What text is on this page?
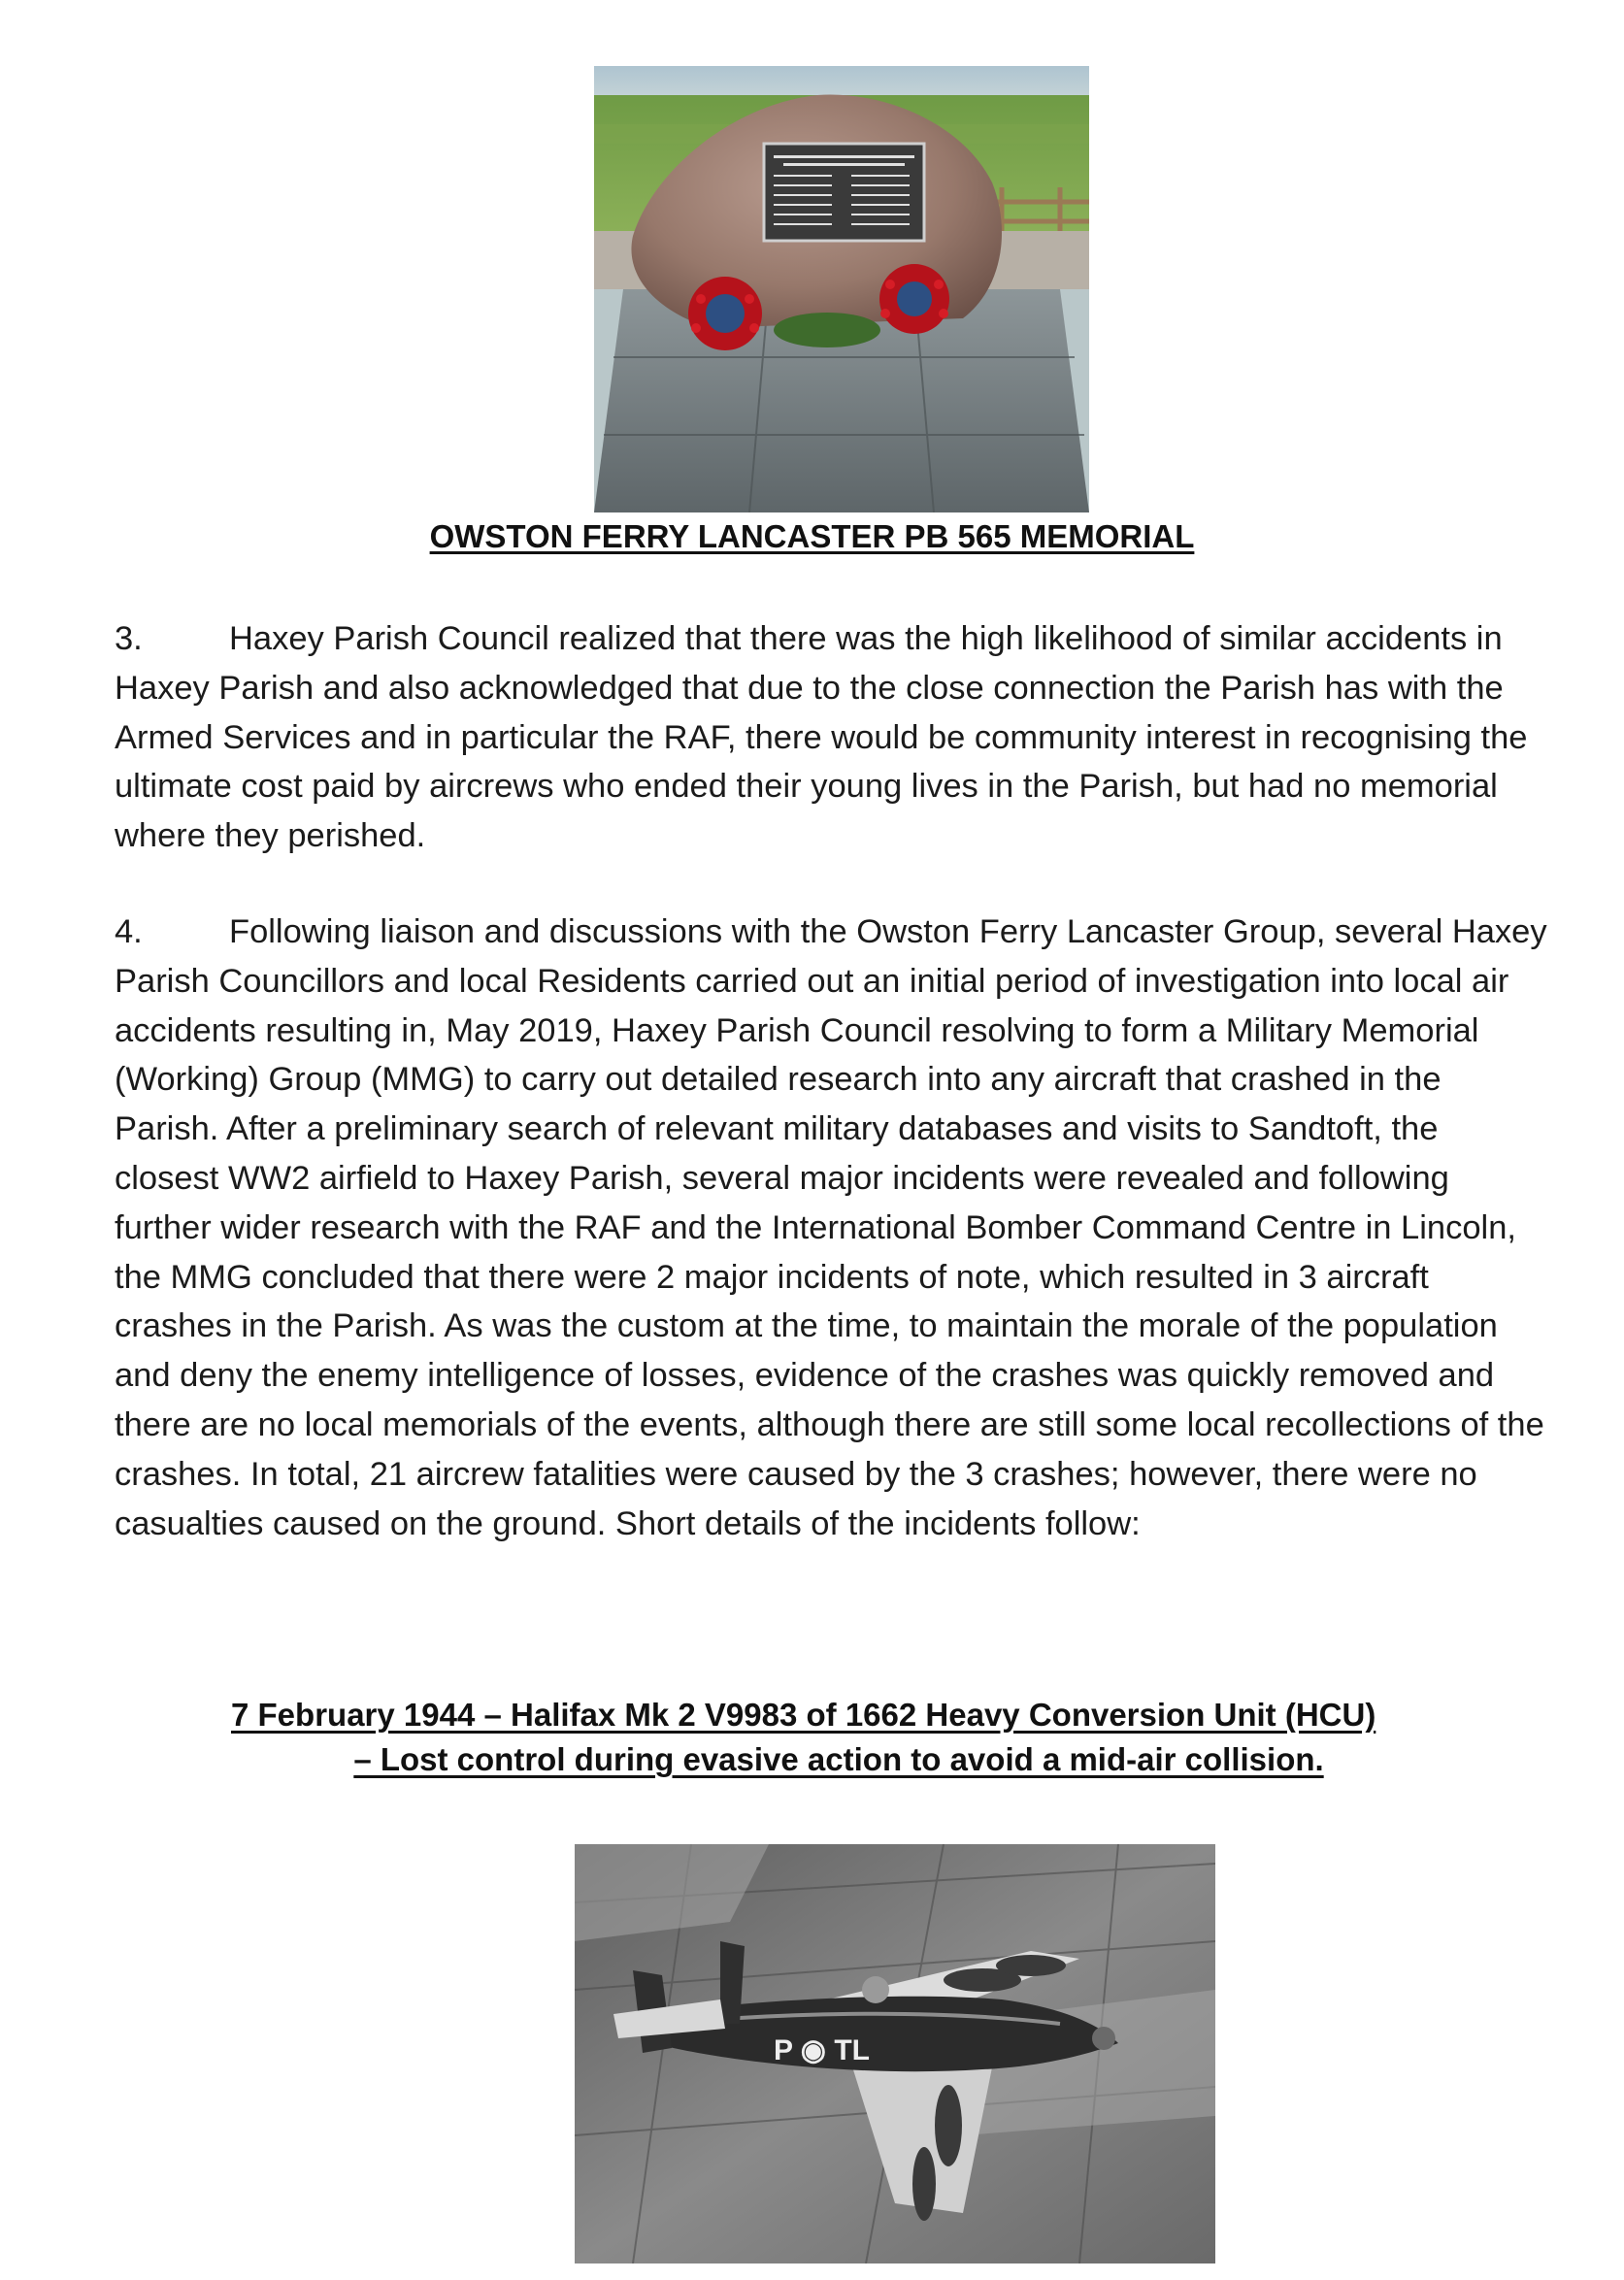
OWSTON FERRY LANCASTER PB 565 MEMORIAL

3.	Haxey Parish Council realized that there was the high likelihood of similar accidents in Haxey Parish and also acknowledged that due to the close connection the Parish has with the Armed Services and in particular the RAF, there would be community interest in recognising the ultimate cost paid by aircrews who ended their young lives in the Parish, but had no memorial where they perished.

4.	Following liaison and discussions with the Owston Ferry Lancaster Group, several Haxey Parish Councillors and local Residents carried out an initial period of investigation into local air accidents resulting in, May 2019, Haxey Parish Council resolving to form a Military Memorial (Working) Group (MMG) to carry out detailed research into any aircraft that crashed in the Parish. After a preliminary search of relevant military databases and visits to Sandtoft, the closest WW2 airfield to Haxey Parish, several major incidents were revealed and following further wider research with the RAF and the International Bomber Command Centre in Lincoln, the MMG concluded that there were 2 major incidents of note, which resulted in 3 aircraft crashes in the Parish. As was the custom at the time, to maintain the morale of the population and deny the enemy intelligence of losses, evidence of the crashes was quickly removed and there are no local memorials of the events, although there are still some local recollections of the crashes. In total, 21 aircrew fatalities were caused by the 3 crashes; however, there were no casualties caused on the ground. Short details of the incidents follow:

7 February 1944 – Halifax Mk 2 V9983 of 1662 Heavy Conversion Unit (HCU)
– Lost control during evasive action to avoid a mid-air collision.
P ◉ TL
